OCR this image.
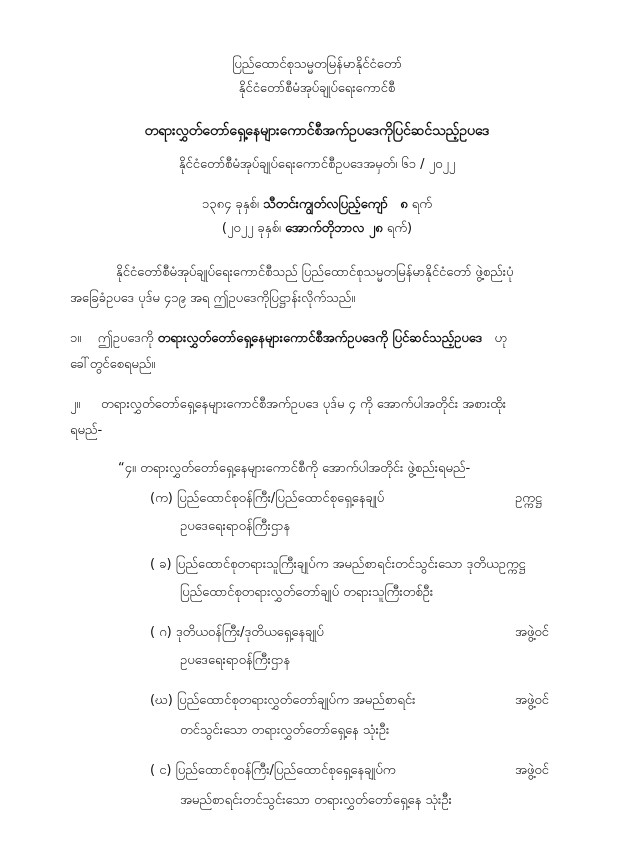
ပြည်ထောင်စုသမ္မတမြန်မာနိုင်ငံတော်
နိုင်ငံတော်စီမံအုပ်ချုပ်ရေးကောင်စီ
တရားလွှတ်တော်ရှေ့နေများကောင်စီအက်ဥပဒေကိုပြင်ဆင်သည့်ဥပဒေ
နိုင်ငံတော်စီမံအုပ်ချုပ်ရေးကောင်စီဥပဒေအမှတ်၊ ၆၁ / ၂၀၂၂
၁၃၈၄ ခုနှစ်၊ သီတင်းကျွတ်လပြည့်ကျော် ၈ ရက်
(၂၀၂၂ ခုနှစ်၊ အောက်တိုဘာလ ၂၈ ရက်)
နိုင်ငံတော်စီမံအုပ်ချုပ်ရေးကောင်စီသည် ပြည်ထောင်စုသမ္မတမြန်မာနိုင်ငံတော် ဖွဲ့စည်းပုံ
အခြေခံဥပဒေ ပုဒ်မ ၄၁၉ အရ ဤဥပဒေကိုပြဋ္ဌာန်းလိုက်သည်။
၁။ ဤဥပဒေကို တရားလွှတ်တော်ရှေ့နေများကောင်စီအက်ဥပဒေကို ပြင်ဆင်သည့်ဥပဒေ ဟု
ခေါ်တွင်စေရမည်။
၂။ တရားလွှတ်တော်ရှေ့နေများကောင်စီအက်ဥပဒေ ပုဒ်မ ၄ ကို အောက်ပါအတိုင်း အစားထိုး
ရမည်-
“၄။ တရားလွှတ်တော်ရှေ့နေများကောင်စီကို အောက်ပါအတိုင်း ဖွဲ့စည်းရမည်-
(က) ပြည်ထောင်စုဝန်ကြီး/ပြည်ထောင်စုရှေ့နေချုပ်	ဥက္ကဋ္ဌ
ဥပဒေရေးရာဝန်ကြီးဌာန
( ခ) ပြည်ထောင်စုတရားသူကြီးချုပ်က အမည်စာရင်းတင်သွင်းသော ဒုတိယဥက္ကဋ္ဌ
ပြည်ထောင်စုတရားလွှတ်တော်ချုပ် တရားသူကြီးတစ်ဦး
( ဂ) ဒုတိယဝန်ကြီး/ဒုတိယရှေ့နေချုပ်	အဖွဲ့ဝင်
ဥပဒေရေးရာဝန်ကြီးဌာန
(ဃ) ပြည်ထောင်စုတရားလွှတ်တော်ချုပ်က အမည်စာရင်း	အဖွဲ့ဝင်
တင်သွင်းသော တရားလွှတ်တော်ရှေ့နေ သုံးဦး
( င) ပြည်ထောင်စုဝန်ကြီး/ပြည်ထောင်စုရှေ့နေချုပ်က	အဖွဲ့ဝင်
အမည်စာရင်းတင်သွင်းသော တရားလွှတ်တော်ရှေ့နေ သုံးဦး
